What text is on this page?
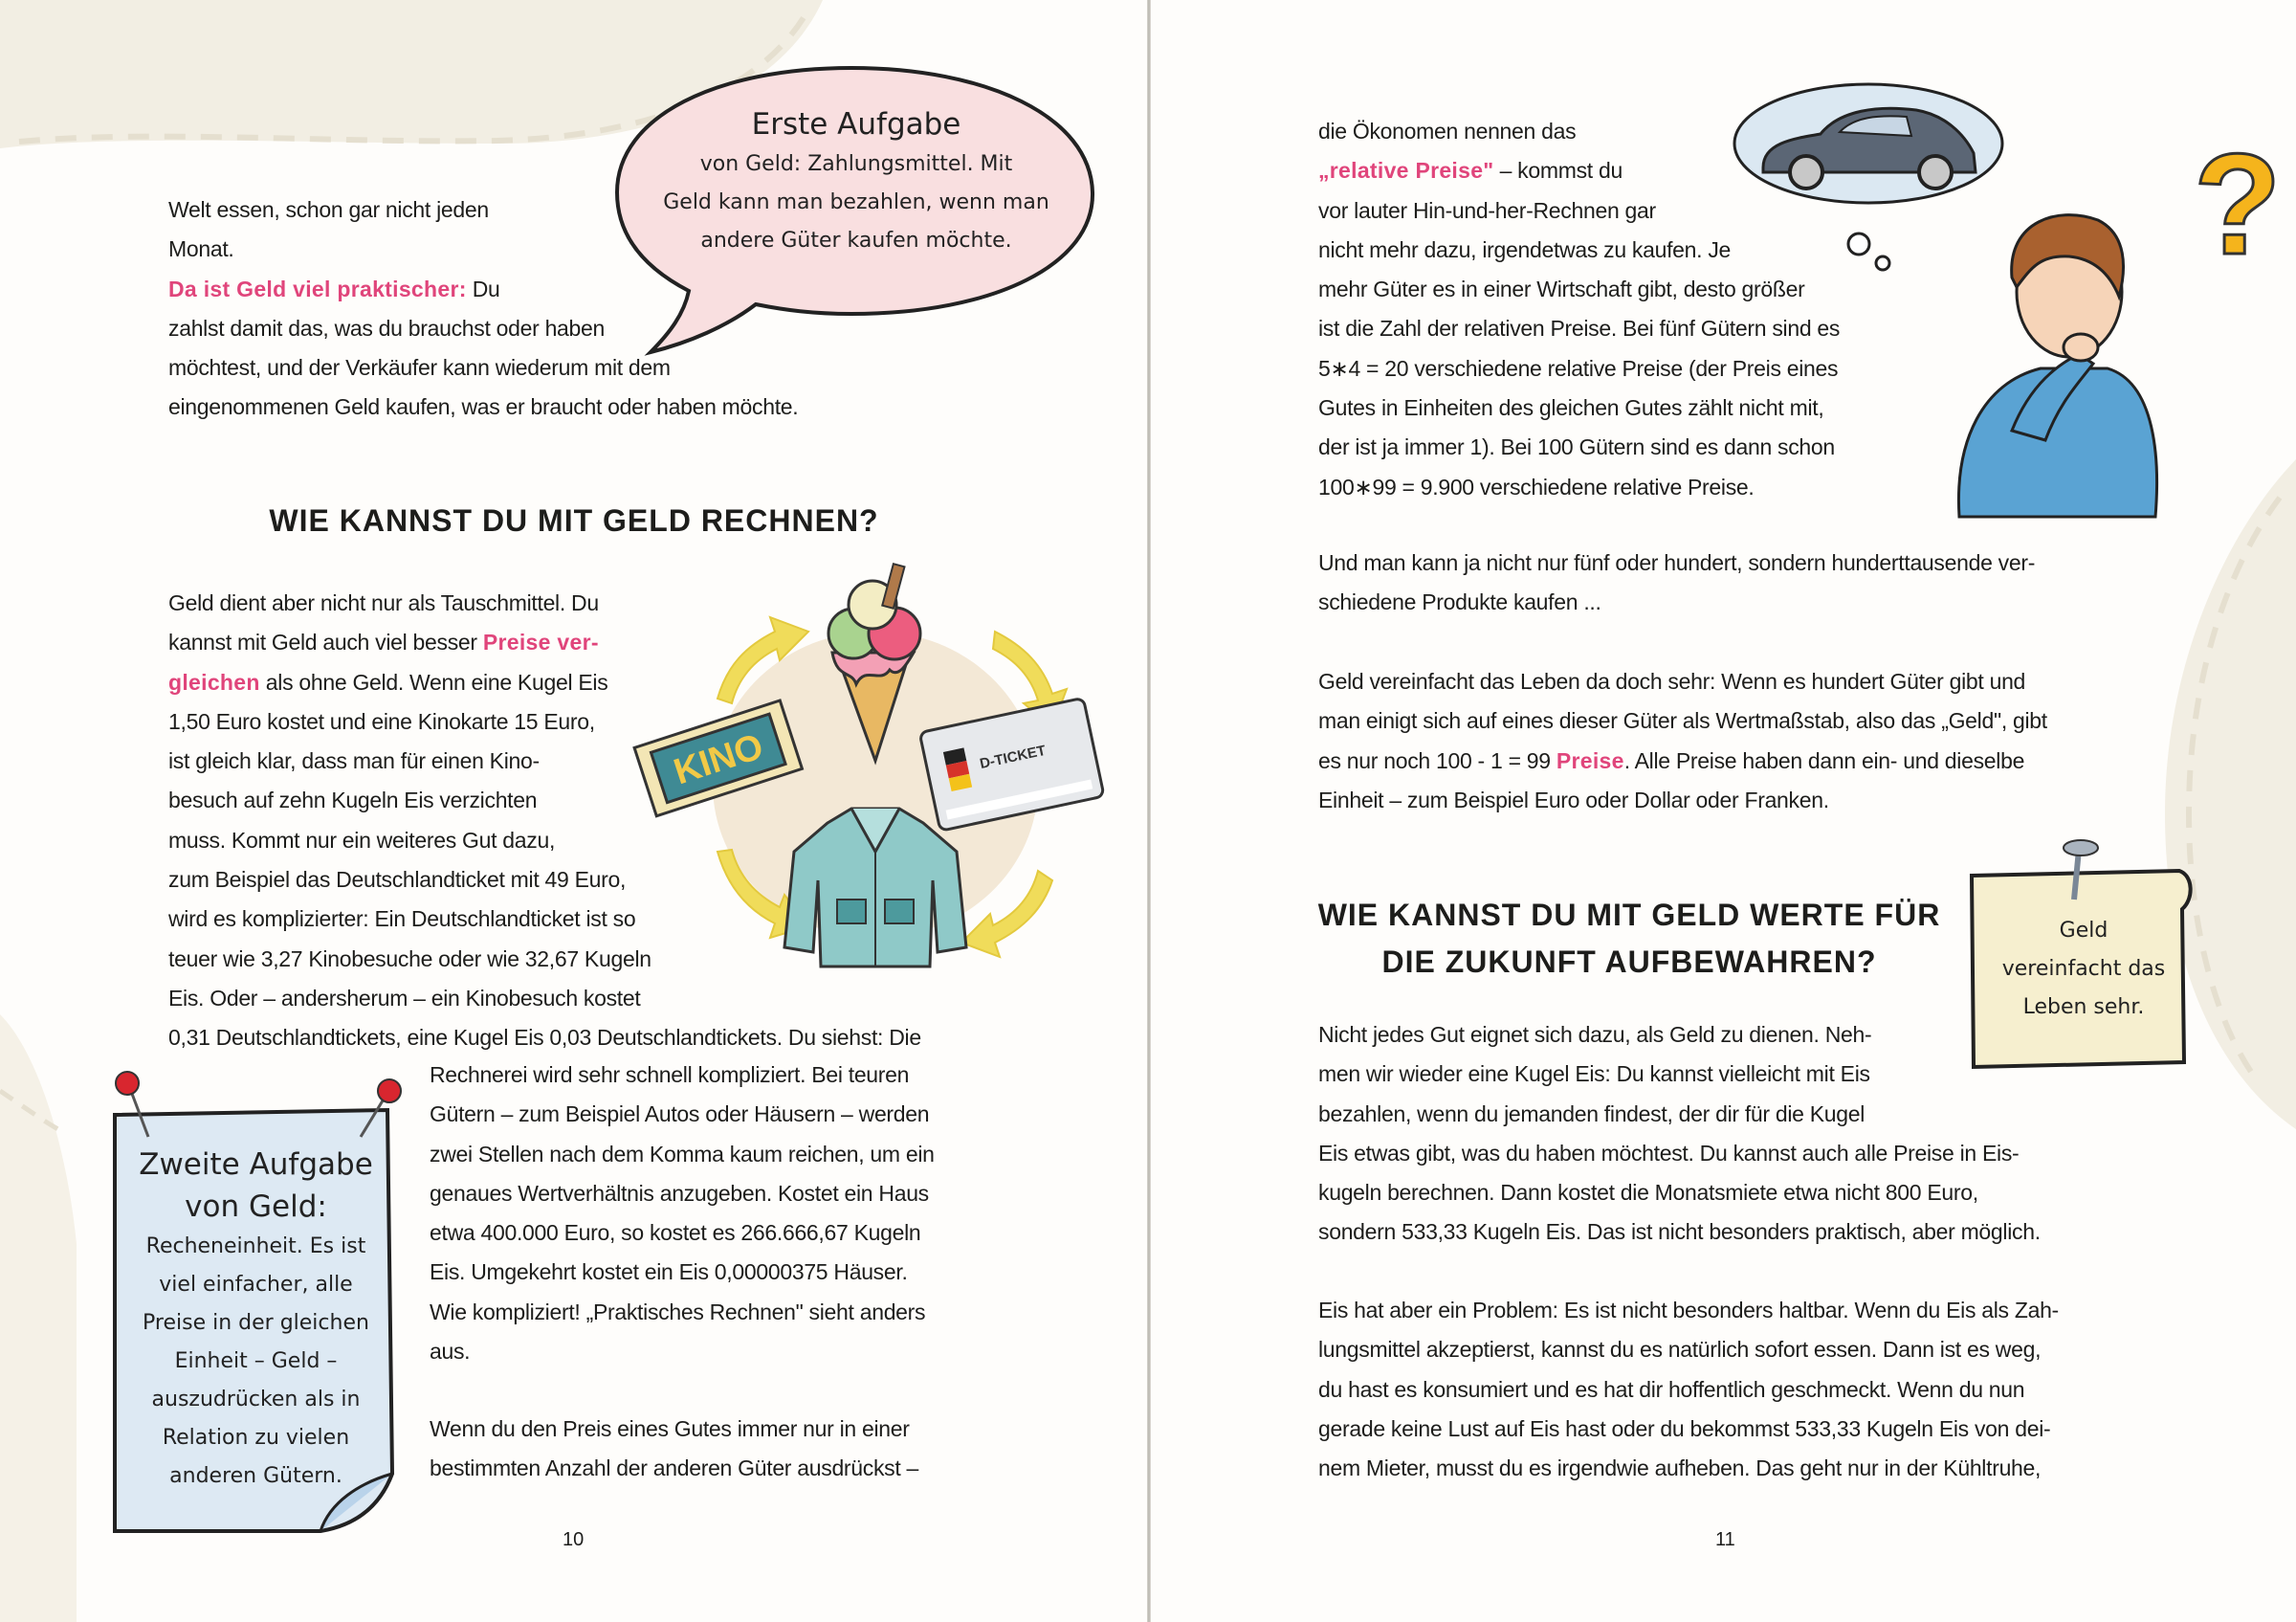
Welt essen, schon gar nicht jeden
Monat.
Da ist Geld viel praktischer: Du
zahlst damit das, was du brauchst oder haben
möchtest, und der Verkäufer kann wiederum mit dem
eingenommenen Geld kaufen, was er braucht oder haben möchte.
Erste Aufgabe
von Geld: Zahlungsmittel. Mit
Geld kann man bezahlen, wenn man
andere Güter kaufen möchte.
WIE KANNST DU MIT GELD RECHNEN?
Geld dient aber nicht nur als Tauschmittel. Du
kannst mit Geld auch viel besser Preise ver-
gleichen als ohne Geld. Wenn eine Kugel Eis
1,50 Euro kostet und eine Kinokarte 15 Euro,
ist gleich klar, dass man für einen Kino-
besuch auf zehn Kugeln Eis verzichten
muss. Kommt nur ein weiteres Gut dazu,
zum Beispiel das Deutschlandticket mit 49 Euro,
wird es komplizierter: Ein Deutschlandticket ist so
teuer wie 3,27 Kinobesuche oder wie 32,67 Kugeln
Eis. Oder – andersherum – ein Kinobesuch kostet
0,31 Deutschlandtickets, eine Kugel Eis 0,03 Deutschlandtickets. Du siehst: Die
KINO	D-TICKET
Zweite Aufgabe
von Geld:
Recheneinheit. Es ist
viel einfacher, alle
Preise in der gleichen
Einheit – Geld –
auszudrücken als in
Relation zu vielen
anderen Gütern.
Rechnerei wird sehr schnell kompliziert. Bei teuren
Gütern – zum Beispiel Autos oder Häusern – werden
zwei Stellen nach dem Komma kaum reichen, um ein
genaues Wertverhältnis anzugeben. Kostet ein Haus
etwa 400.000 Euro, so kostet es 266.666,67 Kugeln
Eis. Umgekehrt kostet ein Eis 0,00000375 Häuser.
Wie kompliziert! „Praktisches Rechnen" sieht anders
aus.
Wenn du den Preis eines Gutes immer nur in einer
bestimmten Anzahl der anderen Güter ausdrückst –
10
die Ökonomen nennen das
„relative Preise" – kommst du
vor lauter Hin-und-her-Rechnen gar
nicht mehr dazu, irgendetwas zu kaufen. Je
mehr Güter es in einer Wirtschaft gibt, desto größer
ist die Zahl der relativen Preise. Bei fünf Gütern sind es
5∗4 = 20 verschiedene relative Preise (der Preis eines
Gutes in Einheiten des gleichen Gutes zählt nicht mit,
der ist ja immer 1). Bei 100 Gütern sind es dann schon
100∗99 = 9.900 verschiedene relative Preise.
?
Und man kann ja nicht nur fünf oder hundert, sondern hunderttausende ver-
schiedene Produkte kaufen ...
Geld vereinfacht das Leben da doch sehr: Wenn es hundert Güter gibt und
man einigt sich auf eines dieser Güter als Wertmaßstab, also das „Geld", gibt
es nur noch 100 - 1 = 99 Preise. Alle Preise haben dann ein- und dieselbe
Einheit – zum Beispiel Euro oder Dollar oder Franken.
WIE KANNST DU MIT GELD WERTE FÜR
DIE ZUKUNFT AUFBEWAHREN?
Geld
vereinfacht das
Leben sehr.
Nicht jedes Gut eignet sich dazu, als Geld zu dienen. Neh-
men wir wieder eine Kugel Eis: Du kannst vielleicht mit Eis
bezahlen, wenn du jemanden findest, der dir für die Kugel
Eis etwas gibt, was du haben möchtest. Du kannst auch alle Preise in Eis-
kugeln berechnen. Dann kostet die Monatsmiete etwa nicht 800 Euro,
sondern 533,33 Kugeln Eis. Das ist nicht besonders praktisch, aber möglich.
Eis hat aber ein Problem: Es ist nicht besonders haltbar. Wenn du Eis als Zah-
lungsmittel akzeptierst, kannst du es natürlich sofort essen. Dann ist es weg,
du hast es konsumiert und es hat dir hoffentlich geschmeckt. Wenn du nun
gerade keine Lust auf Eis hast oder du bekommst 533,33 Kugeln Eis von dei-
nem Mieter, musst du es irgendwie aufheben. Das geht nur in der Kühltruhe,
11
